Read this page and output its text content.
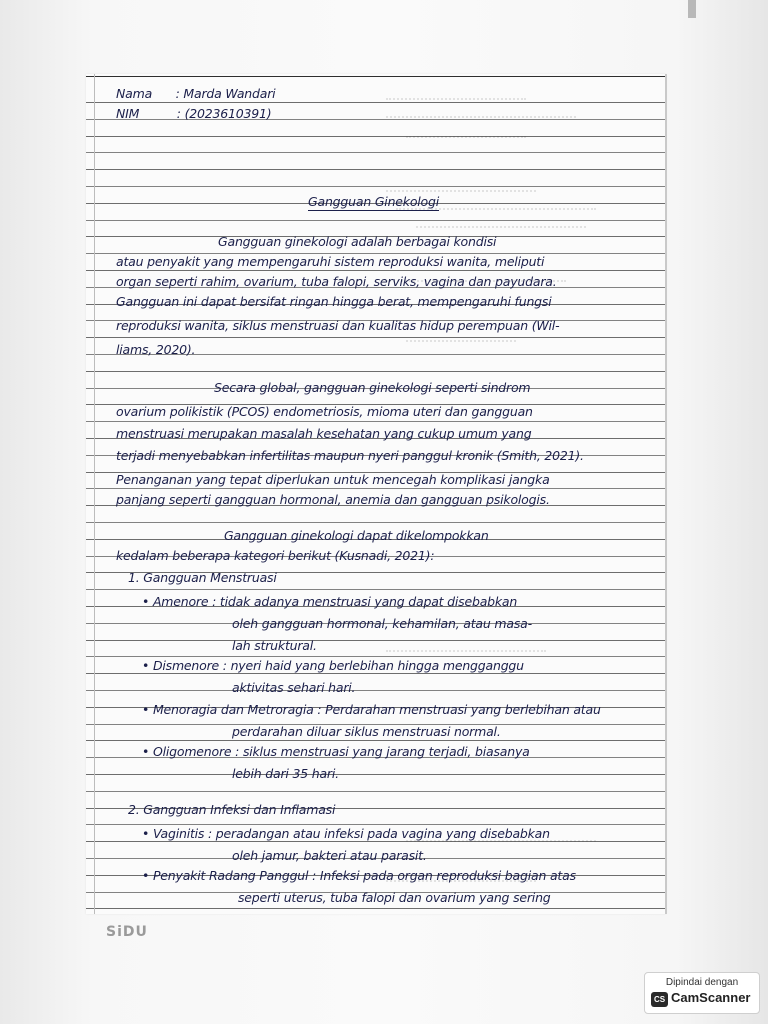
Nama : Marda Wandari
NIM	: (2023610391)
Gangguan Ginekologi
Gangguan ginekologi adalah berbagai kondisi
atau penyakit yang mempengaruhi sistem reproduksi wanita, meliputi
organ seperti rahim, ovarium, tuba falopi, serviks, vagina dan payudara.
Gangguan ini dapat bersifat ringan hingga berat, mempengaruhi fungsi
reproduksi wanita, siklus menstruasi dan kualitas hidup perempuan (Wil-
liams, 2020).
Secara global, gangguan ginekologi seperti sindrom
ovarium polikistik (PCOS) endometriosis, mioma uteri dan gangguan
menstruasi merupakan masalah kesehatan yang cukup umum yang
terjadi menyebabkan infertilitas maupun nyeri panggul kronik (Smith, 2021).
Penanganan yang tepat diperlukan untuk mencegah komplikasi jangka
panjang seperti gangguan hormonal, anemia dan gangguan psikologis.
Gangguan ginekologi dapat dikelompokkan
kedalam beberapa kategori berikut (Kusnadi, 2021):
1. Gangguan Menstruasi
• Amenore : tidak adanya menstruasi yang dapat disebabkan
oleh gangguan hormonal, kehamilan, atau masa-
lah struktural.
• Dismenore : nyeri haid yang berlebihan hingga mengganggu
aktivitas sehari hari.
• Menoragia dan Metroragia : Perdarahan menstruasi yang berlebihan atau
perdarahan diluar siklus menstruasi normal.
• Oligomenore : siklus menstruasi yang jarang terjadi, biasanya
lebih dari 35 hari.
2. Gangguan Infeksi dan Inflamasi
• Vaginitis : peradangan atau infeksi pada vagina yang disebabkan
oleh jamur, bakteri atau parasit.
• Penyakit Radang Panggul : Infeksi pada organ reproduksi bagian atas
seperti uterus, tuba falopi dan ovarium yang sering
SiDU
Dipindai dengan
CS CamScanner
